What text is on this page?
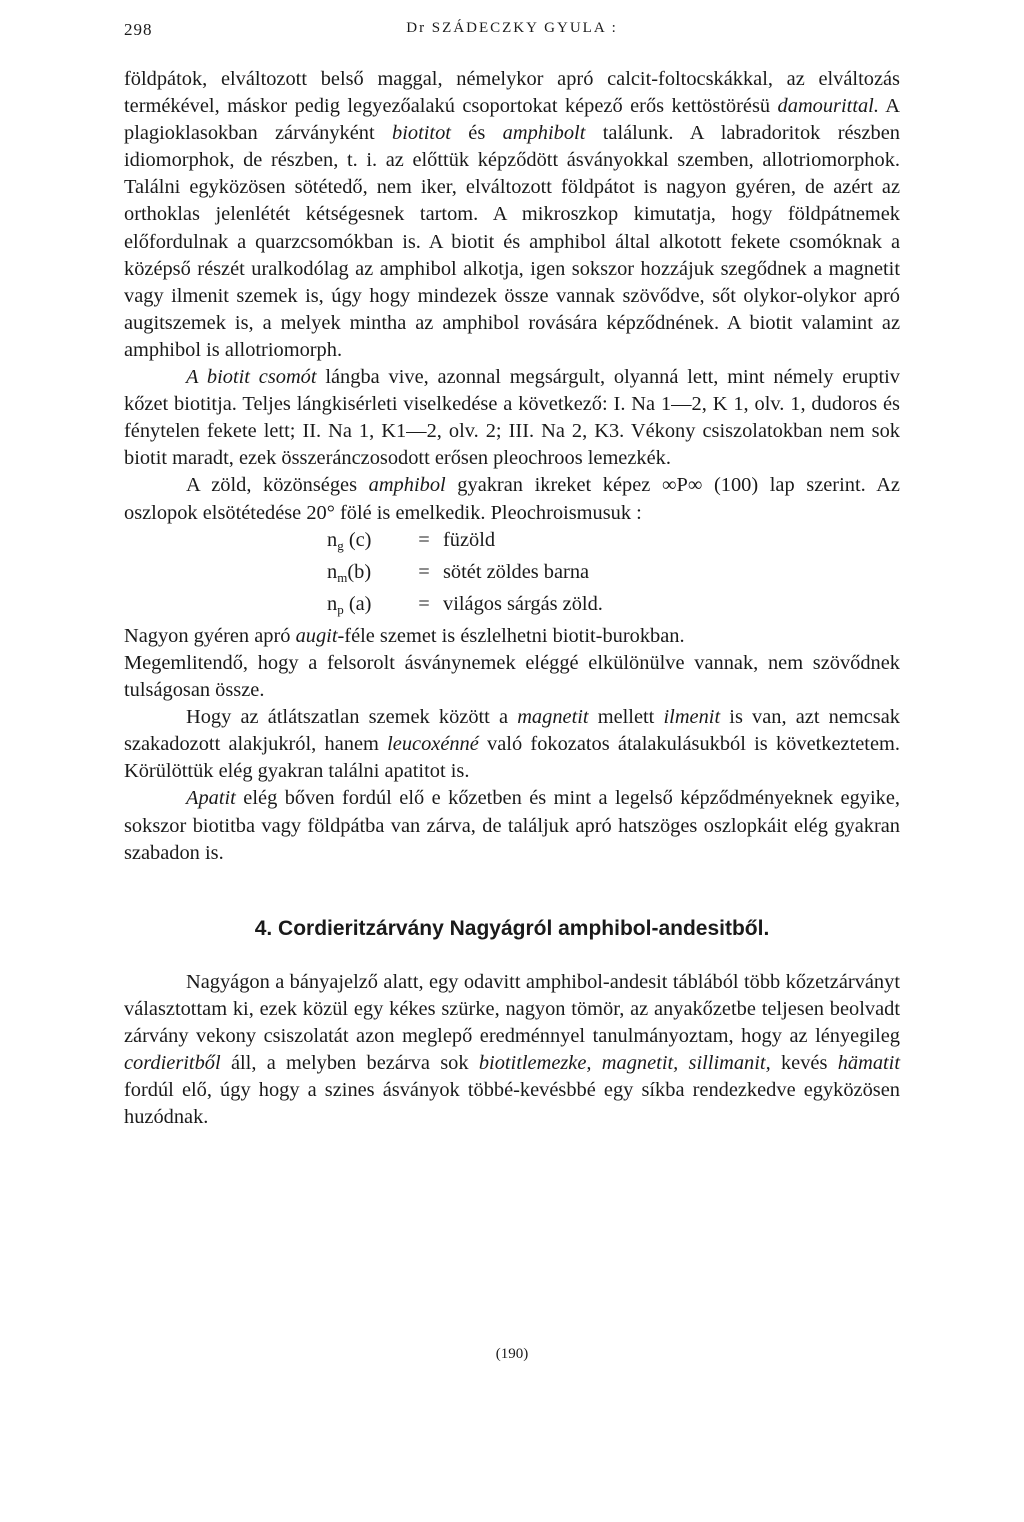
298	Dr SZÁDECZKY GYULA :

földpátok, elváltozott belső maggal, némelykor apró calcit-foltocskákkal, az elváltozás termékével, máskor pedig legyezőalakú csoportokat képező erős kettöstörésü damourittal. A plagioklasokban zárványként biotitot és amphibolt találunk. A labradoritok részben idiomorphok, de részben, t. i. az előttük képződött ásványokkal szemben, allotriomorphok. Találni egyközösen sötétedő, nem iker, elváltozott földpátot is nagyon gyéren, de azért az orthoklas jelenlétét kétségesnek tartom. A mikroszkop kimutatja, hogy földpátnemek előfordulnak a quarzcsomókban is. A biotit és amphibol által alkotott fekete csomóknak a középső részét uralkodólag az amphibol alkotja, igen sokszor hozzájuk szegődnek a magnetit vagy ilmenit szemek is, úgy hogy mindezek össze vannak szövődve, sőt olykor-olykor apró augitszemek is, a melyek mintha az amphibol rovására képződnének. A biotit valamint az amphibol is allotriomorph.

A biotit csomót lángba vive, azonnal megsárgult, olyanná lett, mint némely eruptiv kőzet biotitja. Teljes lángkisérleti viselkedése a következő: I. Na 1—2, K 1, olv. 1, dudoros és fénytelen fekete lett; II. Na 1, K1—2, olv. 2; III. Na 2, K3. Vékony csiszolatokban nem sok biotit maradt, ezek összeránczosodott erősen pleochroos lemezkék.

A zöld, közönséges amphibol gyakran ikreket képez ∞P∞ (100) lap szerint. Az oszlopok elsötétedése 20° fölé is emelkedik. Pleochroismusuk :

$n_g$ (c) = füzöld

$n_m(b)$ = sötét zöldes barna

$n_p$ (a) = világos sárgás zöld.

Nagyon gyéren apró augit-féle szemet is észlelhetni biotit-burokban.

Megemlitendő, hogy a felsorolt ásványnemek eléggé elkülönülve vannak, nem szövődnek tulságosan össze.

Hogy az átlátszatlan szemek között a magnetit mellett ilmenit is van, azt nemcsak szakadozott alakjukról, hanem leucoxénné való fokozatos átalakulásukból is következtetem. Körülöttük elég gyakran találni apatitot is.

Apatit elég bőven fordúl elő e kőzetben és mint a legelső képződményeknek egyike, sokszor biotitba vagy földpátba van zárva, de találjuk apró hatszöges oszlopkáit elég gyakran szabadon is.

4. Cordieritzárvány Nagyágról amphibol-andesitből.

Nagyágon a bányajelző alatt, egy odavitt amphibol-andesit táblából több kőzetzárványt választottam ki, ezek közül egy kékes szürke, nagyon tömör, az anyakőzetbe teljesen beolvadt zárvány vekony csiszolatát azon meglepő eredménnyel tanulmányoztam, hogy az lényegileg cordieritből áll, a melyben bezárva sok biotitlemezke, magnetit, sillimanit, kevés hämatit fordúl elő, úgy hogy a szines ásványok többé-kevésbbé egy síkba rendezkedve egyközösen huzódnak.

(190)
